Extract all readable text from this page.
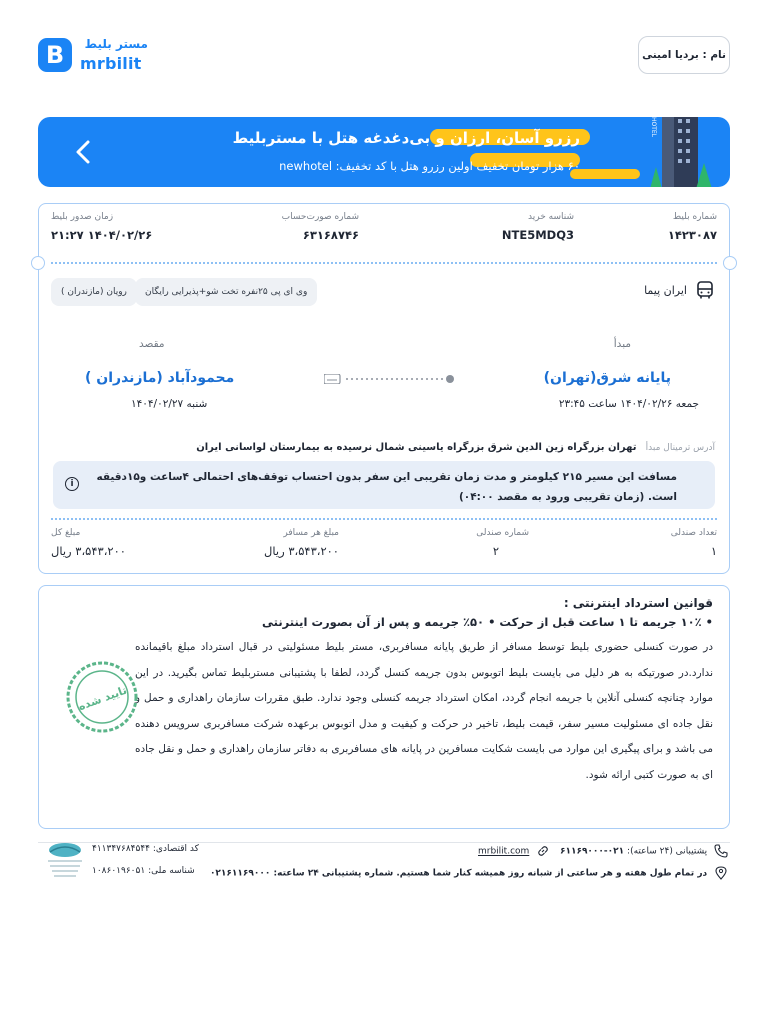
نام :

بردیا امینی
B	مستر بلیط
mrbilit
رزرو آسان، ارزان و بی‌دغدغه هتل با مستربلیط
۶۰ هزار تومان تخفیف اولین رزرو هتل با کد تخفیف: newhotel
HOTEL
شماره بلیط
۱۴۲۳۰۸۷
شناسه خرید
NTE5MDQ3
شماره صورت‌حساب
۶۳۱۶۸۷۴۶
زمان صدور بلیط
۱۴۰۴/۰۲/۲۶ ۲۱:۲۷
ایران پیما
وی ای پی ۲۵نفره تخت شو+پذیرایی رایگان
رویان (مازندران )
مبدأ
مقصد
پایانه شرق(تهران)
محمودآباد (مازندران )
جمعه ۱۴۰۴/۰۲/۲۶ ساعت ۲۳:۴۵
شنبه ۱۴۰۴/۰۲/۲۷
آدرس ترمینال مبدأ تهران بزرگراه زین الدین شرق بزرگراه یاسینی شمال نرسیده به بیمارستان لواسانی ایران
مسافت این مسیر ۲۱۵ کیلومتر و مدت زمان تقریبی این سفر بدون احتساب توقف‌های احتمالی ۴ساعت و۱۵دقیقه است. (زمان تقریبی ورود به مقصد ۰۴:۰۰)
i
تعداد صندلی
۱
شماره صندلی
۲
مبلغ هر مسافر
۳،۵۴۳،۲۰۰ ریال
مبلغ کل
۳،۵۴۳،۲۰۰ ریال
قوانین استرداد اینترنتی :
• ۱۰٪ جریمه تا ۱ ساعت قبل از حرکت • ۵۰٪ جریمه و پس از آن بصورت اینترنتی
در صورت کنسلی حضوری بلیط توسط مسافر از طریق پایانه مسافربری، مستر بلیط مسئولیتی در قبال استرداد مبلغ باقیمانده ندارد.در صورتیکه به هر دلیل می بایست بلیط اتوبوس بدون جریمه کنسل گردد، لطفا با پشتیبانی مستربلیط تماس بگیرید. در این موارد چنانچه کنسلی آنلاین با جریمه انجام گردد، امکان استرداد جریمه کنسلی وجود ندارد. طبق مقررات سازمان راهداری و حمل و نقل جاده ای مسئولیت مسیر سفر، قیمت بلیط، تاخیر در حرکت و کیفیت و مدل اتوبوس برعهده شرکت مسافربری سرویس دهنده می باشد و برای پیگیری این موارد می بایست شکایت مسافرین در پایانه های مسافربری به دفاتر سازمان راهداری و حمل و نقل جاده ای به صورت کتبی ارائه شود.
تایید شده
پشتیبانی (۲۴ ساعته): ۰۲۱-۶۱۱۶۹۰۰۰
mrbilit.com
در تمام طول هفته و هر ساعتی از شبانه روز همیشه کنار شما هستیم. شماره پشتیبانی ۲۴ ساعته: ۰۲۱۶۱۱۶۹۰۰۰
کد اقتصادی: ۴۱۱۳۴۷۶۸۴۵۴۴
شناسه ملی: ۱۰۸۶۰۱۹۶۰۵۱
